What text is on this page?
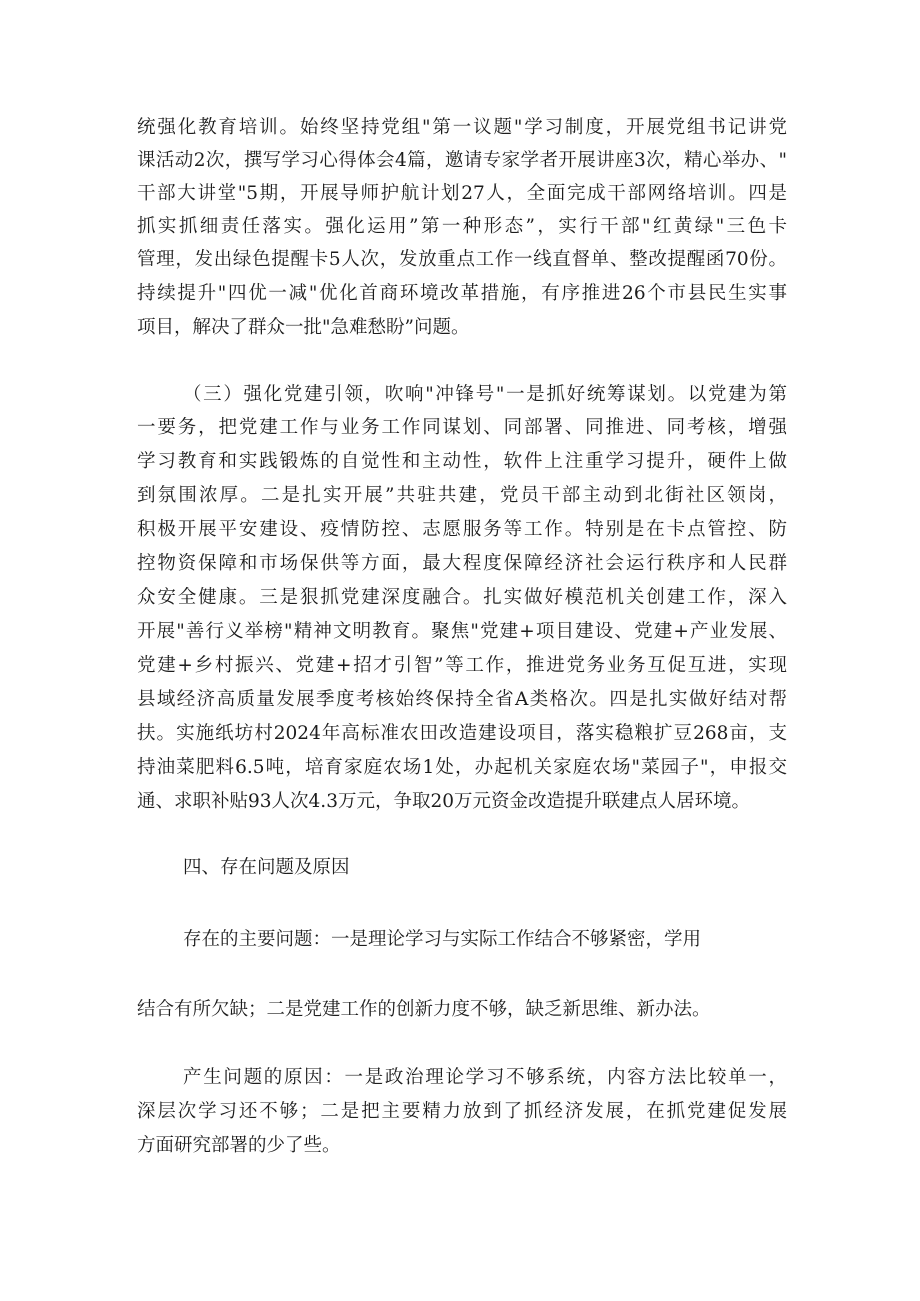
统强化教育培训。始终坚持党组"第一议题"学习制度，开展党组书记讲党

课活动2次，撰写学习心得体会4篇，邀请专家学者开展讲座3次，精心举办、"

干部大讲堂"5期，开展导师护航计划27人，全面完成干部网络培训。四是

抓实抓细责任落实。强化运用”第一种形态”，实行干部"红黄绿"三色卡

管理，发出绿色提醒卡5人次，发放重点工作一线直督单、整改提醒函70份。

持续提升"四优一减"优化首商环境改革措施，有序推进26个市县民生实事

项目，解决了群众一批"急难愁盼”问题。

（三）强化党建引领，吹响"冲锋号"一是抓好统筹谋划。以党建为第

一要务，把党建工作与业务工作同谋划、同部署、同推进、同考核，增强

学习教育和实践锻炼的自觉性和主动性，软件上注重学习提升，硬件上做

到氛围浓厚。二是扎实开展”共驻共建，党员干部主动到北街社区领岗，

积极开展平安建设、疫情防控、志愿服务等工作。特别是在卡点管控、防

控物资保障和市场保供等方面，最大程度保障经济社会运行秩序和人民群

众安全健康。三是狠抓党建深度融合。扎实做好模范机关创建工作，深入

开展"善行义举榜"精神文明教育。聚焦"党建+项目建设、党建+产业发展、

党建+乡村振兴、党建+招才引智”等工作，推进党务业务互促互进，实现

县域经济高质量发展季度考核始终保持全省A类格次。四是扎实做好结对帮

扶。实施纸坊村2024年高标准农田改造建设项目，落实稳粮扩豆268亩，支

持油菜肥料6.5吨，培育家庭农场1处，办起机关家庭农场"菜园子"，申报交

通、求职补贴93人次4.3万元，争取20万元资金改造提升联建点人居环境。

四、存在问题及原因

存在的主要问题：一是理论学习与实际工作结合不够紧密，学用

结合有所欠缺；二是党建工作的创新力度不够，缺乏新思维、新办法。

产生问题的原因：一是政治理论学习不够系统，内容方法比较单一，

深层次学习还不够；二是把主要精力放到了抓经济发展，在抓党建促发展

方面研究部署的少了些。
